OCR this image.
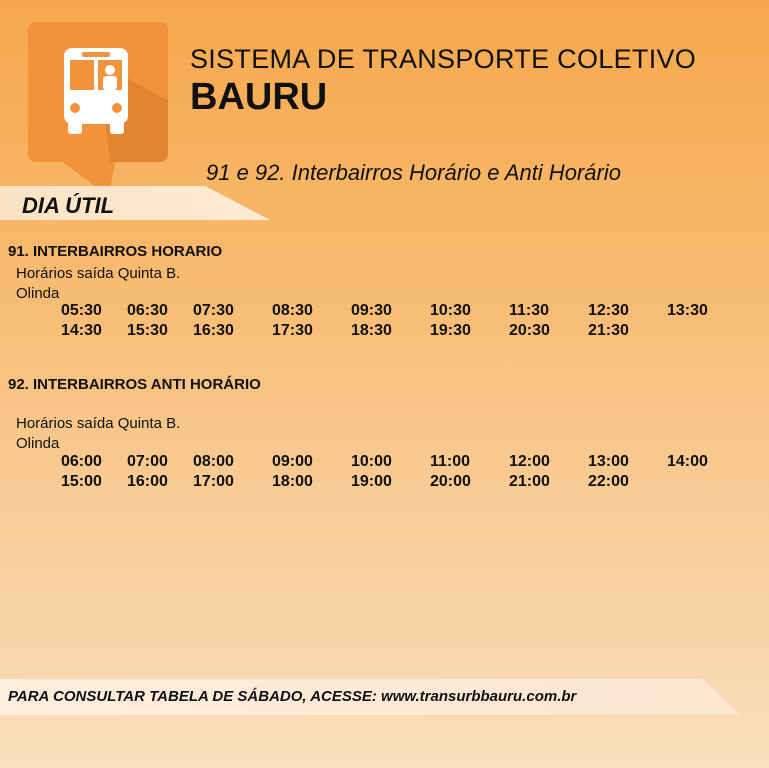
SISTEMA DE TRANSPORTE COLETIVO
BAURU
91 e 92. Interbairros Horário e Anti Horário
DIA ÚTIL
91. INTERBAIRROS HORARIO
Horários saída Quinta B.
Olinda
05:30 06:30 07:30 08:30 09:30 10:30 11:30 12:30 13:30
14:30 15:30 16:30 17:30 18:30 19:30 20:30 21:30
92. INTERBAIRROS ANTI HORÁRIO
Horários saída Quinta B.
Olinda
06:00 07:00 08:00 09:00 10:00 11:00 12:00 13:00 14:00
15:00 16:00 17:00 18:00 19:00 20:00 21:00 22:00
PARA CONSULTAR TABELA DE SÁBADO, ACESSE: www.transurbbauru.com.br
